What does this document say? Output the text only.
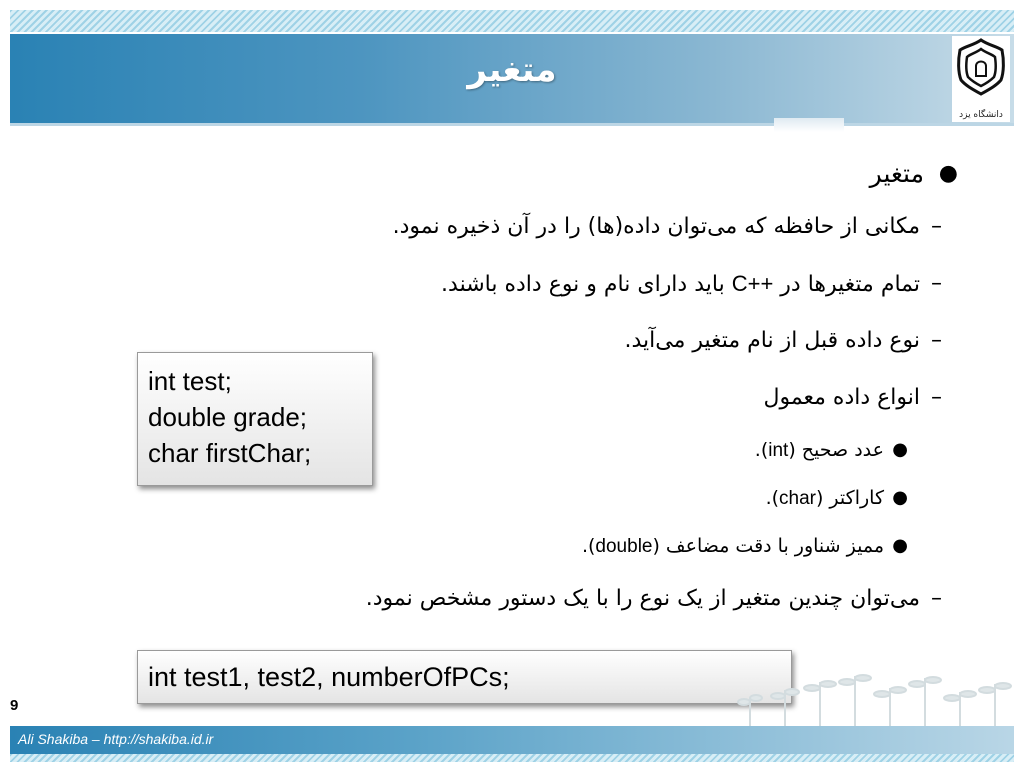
متغیر
دانشگاه یزد
●
متغیر
–
مکانی از حافظه که می‌توان داده(ها) را در آن ذخیره نمود.
–
تمام متغیرها در C++ باید دارای نام و نوع داده باشند.
–
نوع داده قبل از نام متغیر می‌آید.
–
انواع داده معمول
●
عدد صحیح (int).
●
کاراکتر (char).
●
ممیز شناور با دقت مضاعف (double).
–
می‌توان چندین متغیر از یک نوع را با یک دستور مشخص نمود.
int test;
double grade;
char firstChar;
int test1, test2, numberOfPCs;
9
Ali Shakiba – http://shakiba.id.ir
